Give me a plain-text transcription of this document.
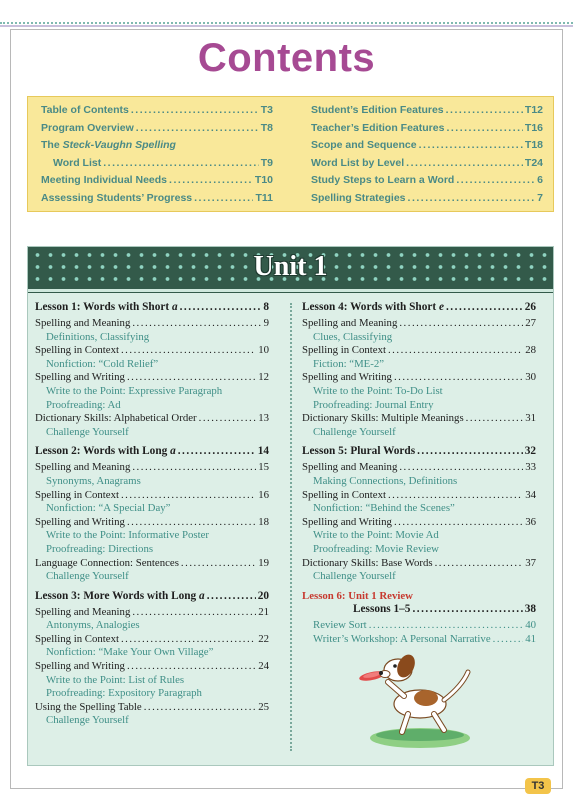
Contents
Table of Contents .....	T3
Program Overview .....	T8
The Steck-Vaughn Spelling
Word List .....	T9
Meeting Individual Needs .....	T10
Assessing Students’ Progress .....	T11
Student’s Edition Features .....	T12
Teacher’s Edition Features .....	T16
Scope and Sequence .....	T18
Word List by Level .....	T24
Study Steps to Learn a Word .....	6
Spelling Strategies .....	7
Unit 1
Lesson 1: Words with Short a .....	8
Spelling and Meaning .....	9
Definitions, Classifying
Spelling in Context .....	10
Nonfiction: “Cold Relief”
Spelling and Writing .....	12
Write to the Point: Expressive Paragraph
Proofreading: Ad
Dictionary Skills: Alphabetical Order .....	13
Challenge Yourself
Lesson 2: Words with Long a .....	14
Spelling and Meaning .....	15
Synonyms, Anagrams
Spelling in Context .....	16
Nonfiction: “A Special Day”
Spelling and Writing .....	18
Write to the Point: Informative Poster
Proofreading: Directions
Language Connection: Sentences .....	19
Challenge Yourself
Lesson 3: More Words with Long a .....	20
Spelling and Meaning .....	21
Antonyms, Analogies
Spelling in Context .....	22
Nonfiction: “Make Your Own Village”
Spelling and Writing .....	24
Write to the Point: List of Rules
Proofreading: Expository Paragraph
Using the Spelling Table .....	25
Challenge Yourself
Lesson 4: Words with Short e .....	26
Spelling and Meaning .....	27
Clues, Classifying
Spelling in Context .....	28
Fiction: “ME-2”
Spelling and Writing .....	30
Write to the Point: To-Do List
Proofreading: Journal Entry
Dictionary Skills: Multiple Meanings .....	31
Challenge Yourself
Lesson 5: Plural Words .....	32
Spelling and Meaning .....	33
Making Connections, Definitions
Spelling in Context .....	34
Nonfiction: “Behind the Scenes”
Spelling and Writing .....	36
Write to the Point: Movie Ad
Proofreading: Movie Review
Dictionary Skills: Base Words .....	37
Challenge Yourself
Lesson 6: Unit 1 Review
Lessons 1–5 .....	38
Review Sort .....	40
Writer’s Workshop: A Personal Narrative .....	41
T3
